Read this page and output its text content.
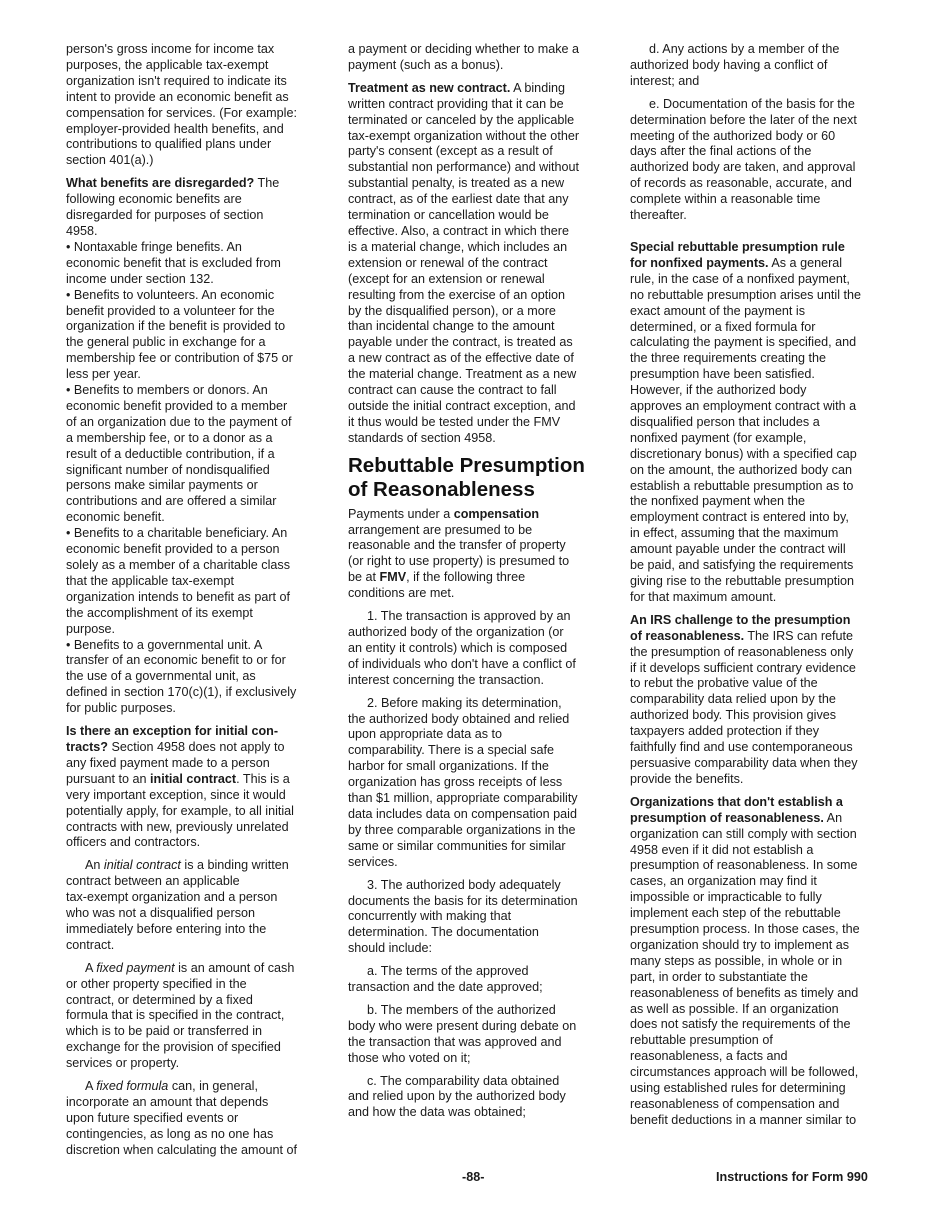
person's gross income for income tax
purposes, the applicable tax-exempt
organization isn't required to indicate its
intent to provide an economic benefit as
compensation for services. (For example:
employer-provided health benefits, and
contributions to qualified plans under
section 401(a).)
What benefits are disregarded? The
following economic benefits are
disregarded for purposes of section
4958.
• Nontaxable fringe benefits. An
economic benefit that is excluded from
income under section 132.
• Benefits to volunteers. An economic
benefit provided to a volunteer for the
organization if the benefit is provided to
the general public in exchange for a
membership fee or contribution of $75 or
less per year.
• Benefits to members or donors. An
economic benefit provided to a member
of an organization due to the payment of
a membership fee, or to a donor as a
result of a deductible contribution, if a
significant number of nondisqualified
persons make similar payments or
contributions and are offered a similar
economic benefit.
• Benefits to a charitable beneficiary. An
economic benefit provided to a person
solely as a member of a charitable class
that the applicable tax-exempt
organization intends to benefit as part of
the accomplishment of its exempt
purpose.
• Benefits to a governmental unit. A
transfer of an economic benefit to or for
the use of a governmental unit, as
defined in section 170(c)(1), if exclusively
for public purposes.
Is there an exception for initial con-
tracts? Section 4958 does not apply to
any fixed payment made to a person
pursuant to an initial contract. This is a
very important exception, since it would
potentially apply, for example, to all initial
contracts with new, previously unrelated
officers and contractors.
An initial contract is a binding written
contract between an applicable
tax-exempt organization and a person
who was not a disqualified person
immediately before entering into the
contract.
A fixed payment is an amount of cash
or other property specified in the
contract, or determined by a fixed
formula that is specified in the contract,
which is to be paid or transferred in
exchange for the provision of specified
services or property.
A fixed formula can, in general,
incorporate an amount that depends
upon future specified events or
contingencies, as long as no one has
discretion when calculating the amount of
a payment or deciding whether to make a
payment (such as a bonus).
Treatment as new contract. A binding
written contract providing that it can be
terminated or canceled by the applicable
tax-exempt organization without the other
party's consent (except as a result of
substantial non performance) and without
substantial penalty, is treated as a new
contract, as of the earliest date that any
termination or cancellation would be
effective. Also, a contract in which there
is a material change, which includes an
extension or renewal of the contract
(except for an extension or renewal
resulting from the exercise of an option
by the disqualified person), or a more
than incidental change to the amount
payable under the contract, is treated as
a new contract as of the effective date of
the material change. Treatment as a new
contract can cause the contract to fall
outside the initial contract exception, and
it thus would be tested under the FMV
standards of section 4958.
Rebuttable Presumption
of Reasonableness
Payments under a compensation
arrangement are presumed to be
reasonable and the transfer of property
(or right to use property) is presumed to
be at FMV, if the following three
conditions are met.
1. The transaction is approved by an
authorized body of the organization (or
an entity it controls) which is composed
of individuals who don't have a conflict of
interest concerning the transaction.
2. Before making its determination,
the authorized body obtained and relied
upon appropriate data as to
comparability. There is a special safe
harbor for small organizations. If the
organization has gross receipts of less
than $1 million, appropriate comparability
data includes data on compensation paid
by three comparable organizations in the
same or similar communities for similar
services.
3. The authorized body adequately
documents the basis for its determination
concurrently with making that
determination. The documentation
should include:
a. The terms of the approved
transaction and the date approved;
b. The members of the authorized
body who were present during debate on
the transaction that was approved and
those who voted on it;
c. The comparability data obtained
and relied upon by the authorized body
and how the data was obtained;
d. Any actions by a member of the
authorized body having a conflict of
interest; and
e. Documentation of the basis for the
determination before the later of the next
meeting of the authorized body or 60
days after the final actions of the
authorized body are taken, and approval
of records as reasonable, accurate, and
complete within a reasonable time
thereafter.
Special rebuttable presumption rule
for nonfixed payments. As a general
rule, in the case of a nonfixed payment,
no rebuttable presumption arises until the
exact amount of the payment is
determined, or a fixed formula for
calculating the payment is specified, and
the three requirements creating the
presumption have been satisfied.
However, if the authorized body
approves an employment contract with a
disqualified person that includes a
nonfixed payment (for example,
discretionary bonus) with a specified cap
on the amount, the authorized body can
establish a rebuttable presumption as to
the nonfixed payment when the
employment contract is entered into by,
in effect, assuming that the maximum
amount payable under the contract will
be paid, and satisfying the requirements
giving rise to the rebuttable presumption
for that maximum amount.
An IRS challenge to the presumption
of reasonableness. The IRS can refute
the presumption of reasonableness only
if it develops sufficient contrary evidence
to rebut the probative value of the
comparability data relied upon by the
authorized body. This provision gives
taxpayers added protection if they
faithfully find and use contemporaneous
persuasive comparability data when they
provide the benefits.
Organizations that don't establish a
presumption of reasonableness. An
organization can still comply with section
4958 even if it did not establish a
presumption of reasonableness. In some
cases, an organization may find it
impossible or impracticable to fully
implement each step of the rebuttable
presumption process. In those cases, the
organization should try to implement as
many steps as possible, in whole or in
part, in order to substantiate the
reasonableness of benefits as timely and
as well as possible. If an organization
does not satisfy the requirements of the
rebuttable presumption of
reasonableness, a facts and
circumstances approach will be followed,
using established rules for determining
reasonableness of compensation and
benefit deductions in a manner similar to
-88-	Instructions for Form 990
